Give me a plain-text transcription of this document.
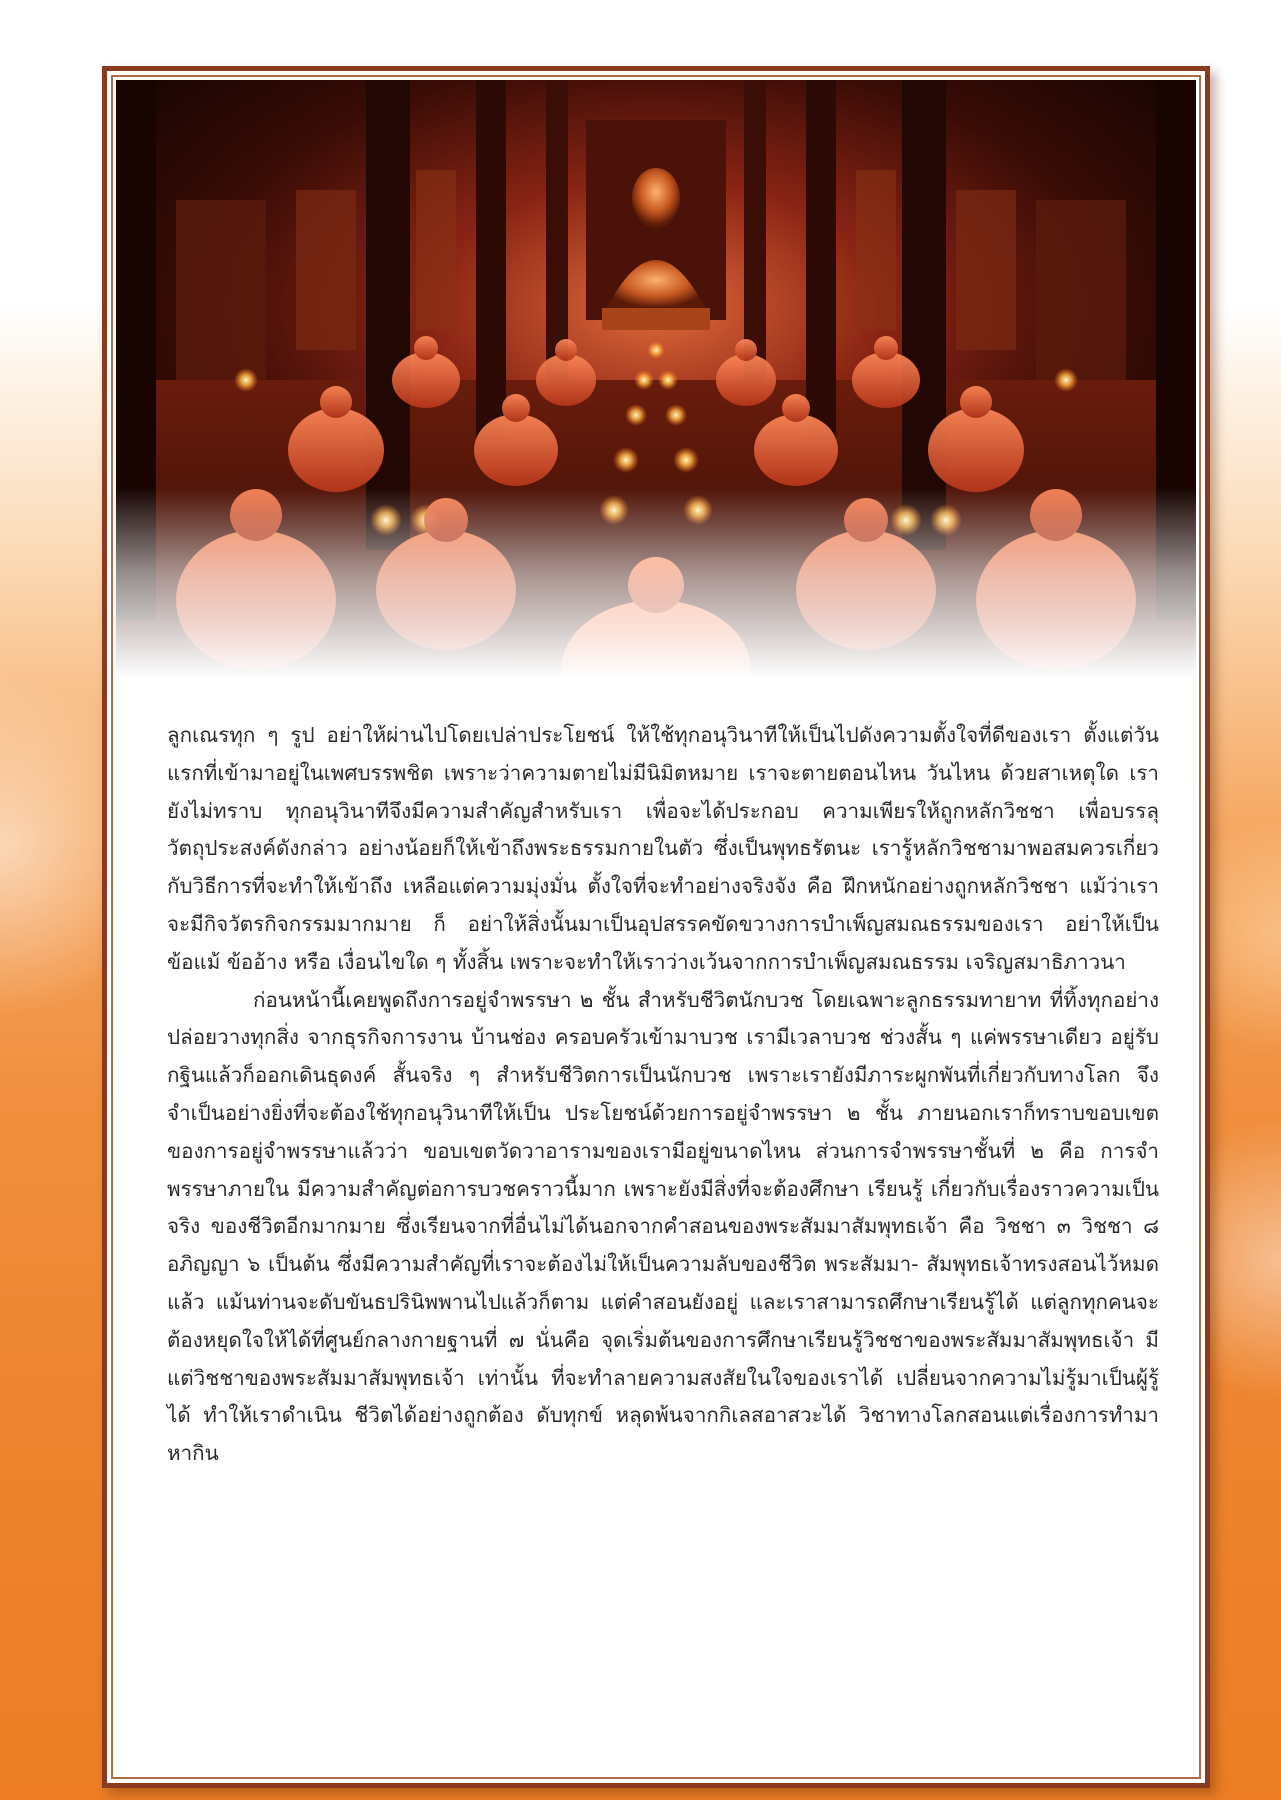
ลูกเณรทุก ๆ รูป อย่าให้ผ่านไปโดยเปล่าประโยชน์ ให้ใช้ทุกอนุวินาทีให้เป็นไปดังความตั้งใจที่ดีของเรา ตั้งแต่วันแรกที่เข้ามาอยู่ในเพศบรรพชิต เพราะว่าความตายไม่มีนิมิตหมาย เราจะตายตอนไหน วันไหน ด้วยสาเหตุใด เรายังไม่ทราบ ทุกอนุวินาทีจึงมีความสำคัญสำหรับเรา เพื่อจะได้ประกอบ ความเพียรให้ถูกหลักวิชชา เพื่อบรรลุวัตถุประสงค์ดังกล่าว อย่างน้อยก็ให้เข้าถึงพระธรรมกายในตัว ซึ่งเป็นพุทธรัตนะ เรารู้หลักวิชชามาพอสมควรเกี่ยวกับวิธีการที่จะทำให้เข้าถึง เหลือแต่ความมุ่งมั่น ตั้งใจที่จะทำอย่างจริงจัง คือ ฝึกหนักอย่างถูกหลักวิชชา แม้ว่าเราจะมีกิจวัตรกิจกรรมมากมาย ก็ อย่าให้สิ่งนั้นมาเป็นอุปสรรคขัดขวางการบำเพ็ญสมณธรรมของเรา อย่าให้เป็นข้อแม้ ข้ออ้าง หรือ เงื่อนไขใด ๆ ทั้งสิ้น เพราะจะทำให้เราว่างเว้นจากการบำเพ็ญสมณธรรม เจริญสมาธิภาวนา

ก่อนหน้านี้เคยพูดถึงการอยู่จำพรรษา ๒ ชั้น สำหรับชีวิตนักบวช โดยเฉพาะลูกธรรมทายาท ที่ทิ้งทุกอย่าง ปล่อยวางทุกสิ่ง จากธุรกิจการงาน บ้านช่อง ครอบครัวเข้ามาบวช เรามีเวลาบวช ช่วงสั้น ๆ แค่พรรษาเดียว อยู่รับกฐินแล้วก็ออกเดินธุดงค์ สั้นจริง ๆ สำหรับชีวิตการเป็นนักบวช เพราะเรายังมีภาระผูกพันที่เกี่ยวกับทางโลก จึงจำเป็นอย่างยิ่งที่จะต้องใช้ทุกอนุวินาทีให้เป็น ประโยชน์ด้วยการอยู่จำพรรษา ๒ ชั้น ภายนอกเราก็ทราบขอบเขตของการอยู่จำพรรษาแล้วว่า ขอบเขตวัดวาอารามของเรามีอยู่ขนาดไหน ส่วนการจำพรรษาชั้นที่ ๒ คือ การจำพรรษาภายใน มีความสำคัญต่อการบวชคราวนี้มาก เพราะยังมีสิ่งที่จะต้องศึกษา เรียนรู้ เกี่ยวกับเรื่องราวความเป็นจริง ของชีวิตอีกมากมาย ซึ่งเรียนจากที่อื่นไม่ได้นอกจากคำสอนของพระสัมมาสัมพุทธเจ้า คือ วิชชา ๓ วิชชา ๘ อภิญญา ๖ เป็นต้น ซึ่งมีความสำคัญที่เราจะต้องไม่ให้เป็นความลับของชีวิต พระสัมมา- สัมพุทธเจ้าทรงสอนไว้หมดแล้ว แม้นท่านจะดับขันธปรินิพพานไปแล้วก็ตาม แต่คำสอนยังอยู่ และเราสามารถศึกษาเรียนรู้ได้ แต่ลูกทุกคนจะต้องหยุดใจให้ได้ที่ศูนย์กลางกายฐานที่ ๗ นั่นคือ จุดเริ่มต้นของการศึกษาเรียนรู้วิชชาของพระสัมมาสัมพุทธเจ้า มีแต่วิชชาของพระสัมมาสัมพุทธเจ้า เท่านั้น ที่จะทำลายความสงสัยในใจของเราได้ เปลี่ยนจากความไม่รู้มาเป็นผู้รู้ได้ ทำให้เราดำเนิน ชีวิตได้อย่างถูกต้อง ดับทุกข์ หลุดพ้นจากกิเลสอาสวะได้ วิชาทางโลกสอนแต่เรื่องการทำมาหากิน
